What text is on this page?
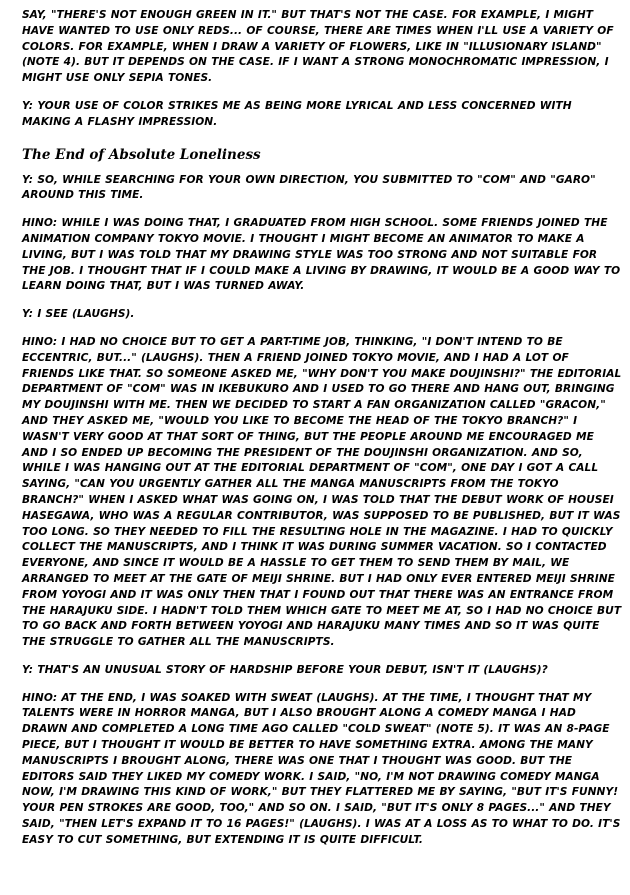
SAY, "THERE'S NOT ENOUGH GREEN IN IT." BUT THAT'S NOT THE CASE. FOR EXAMPLE, I MIGHT HAVE WANTED TO USE ONLY REDS... OF COURSE, THERE ARE TIMES WHEN I'LL USE A VARIETY OF COLORS. FOR EXAMPLE, WHEN I DRAW A VARIETY OF FLOWERS, LIKE IN "ILLUSIONARY ISLAND" (NOTE 4). BUT IT DEPENDS ON THE CASE. IF I WANT A STRONG MONOCHROMATIC IMPRESSION, I MIGHT USE ONLY SEPIA TONES.

Y: YOUR USE OF COLOR STRIKES ME AS BEING MORE LYRICAL AND LESS CONCERNED WITH MAKING A FLASHY IMPRESSION.

The End of Absolute Loneliness

Y: SO, WHILE SEARCHING FOR YOUR OWN DIRECTION, YOU SUBMITTED TO "COM" AND "GARO" AROUND THIS TIME.

HINO: WHILE I WAS DOING THAT, I GRADUATED FROM HIGH SCHOOL. SOME FRIENDS JOINED THE ANIMATION COMPANY TOKYO MOVIE. I THOUGHT I MIGHT BECOME AN ANIMATOR TO MAKE A LIVING, BUT I WAS TOLD THAT MY DRAWING STYLE WAS TOO STRONG AND NOT SUITABLE FOR THE JOB. I THOUGHT THAT IF I COULD MAKE A LIVING BY DRAWING, IT WOULD BE A GOOD WAY TO LEARN DOING THAT, BUT I WAS TURNED AWAY.

Y: I SEE (LAUGHS).

HINO: I HAD NO CHOICE BUT TO GET A PART-TIME JOB, THINKING, "I DON'T INTEND TO BE ECCENTRIC, BUT..." (LAUGHS). THEN A FRIEND JOINED TOKYO MOVIE, AND I HAD A LOT OF FRIENDS LIKE THAT. SO SOMEONE ASKED ME, "WHY DON'T YOU MAKE DOUJINSHI?" THE EDITORIAL DEPARTMENT OF "COM" WAS IN IKEBUKURO AND I USED TO GO THERE AND HANG OUT, BRINGING MY DOUJINSHI WITH ME. THEN WE DECIDED TO START A FAN ORGANIZATION CALLED "GRACON," AND THEY ASKED ME, "WOULD YOU LIKE TO BECOME THE HEAD OF THE TOKYO BRANCH?" I WASN'T VERY GOOD AT THAT SORT OF THING, BUT THE PEOPLE AROUND ME ENCOURAGED ME AND I SO ENDED UP BECOMING THE PRESIDENT OF THE DOUJINSHI ORGANIZATION. AND SO, WHILE I WAS HANGING OUT AT THE EDITORIAL DEPARTMENT OF "COM", ONE DAY I GOT A CALL SAYING, "CAN YOU URGENTLY GATHER ALL THE MANGA MANUSCRIPTS FROM THE TOKYO BRANCH?" WHEN I ASKED WHAT WAS GOING ON, I WAS TOLD THAT THE DEBUT WORK OF HOUSEI HASEGAWA, WHO WAS A REGULAR CONTRIBUTOR, WAS SUPPOSED TO BE PUBLISHED, BUT IT WAS TOO LONG. SO THEY NEEDED TO FILL THE RESULTING HOLE IN THE MAGAZINE. I HAD TO QUICKLY COLLECT THE MANUSCRIPTS, AND I THINK IT WAS DURING SUMMER VACATION. SO I CONTACTED EVERYONE, AND SINCE IT WOULD BE A HASSLE TO GET THEM TO SEND THEM BY MAIL, WE ARRANGED TO MEET AT THE GATE OF MEIJI SHRINE. BUT I HAD ONLY EVER ENTERED MEIJI SHRINE FROM YOYOGI AND IT WAS ONLY THEN THAT I FOUND OUT THAT THERE WAS AN ENTRANCE FROM THE HARAJUKU SIDE. I HADN'T TOLD THEM WHICH GATE TO MEET ME AT, SO I HAD NO CHOICE BUT TO GO BACK AND FORTH BETWEEN YOYOGI AND HARAJUKU MANY TIMES AND SO IT WAS QUITE THE STRUGGLE TO GATHER ALL THE MANUSCRIPTS.

Y: THAT'S AN UNUSUAL STORY OF HARDSHIP BEFORE YOUR DEBUT, ISN'T IT (LAUGHS)?

HINO: AT THE END, I WAS SOAKED WITH SWEAT (LAUGHS). AT THE TIME, I THOUGHT THAT MY TALENTS WERE IN HORROR MANGA, BUT I ALSO BROUGHT ALONG A COMEDY MANGA I HAD DRAWN AND COMPLETED A LONG TIME AGO CALLED "COLD SWEAT" (NOTE 5). IT WAS AN 8-PAGE PIECE, BUT I THOUGHT IT WOULD BE BETTER TO HAVE SOMETHING EXTRA. AMONG THE MANY MANUSCRIPTS I BROUGHT ALONG, THERE WAS ONE THAT I THOUGHT WAS GOOD. BUT THE EDITORS SAID THEY LIKED MY COMEDY WORK. I SAID, "NO, I'M NOT DRAWING COMEDY MANGA NOW, I'M DRAWING THIS KIND OF WORK," BUT THEY FLATTERED ME BY SAYING, "BUT IT'S FUNNY! YOUR PEN STROKES ARE GOOD, TOO," AND SO ON. I SAID, "BUT IT'S ONLY 8 PAGES..." AND THEY SAID, "THEN LET'S EXPAND IT TO 16 PAGES!" (LAUGHS). I WAS AT A LOSS AS TO WHAT TO DO. IT'S EASY TO CUT SOMETHING, BUT EXTENDING IT IS QUITE DIFFICULT.
